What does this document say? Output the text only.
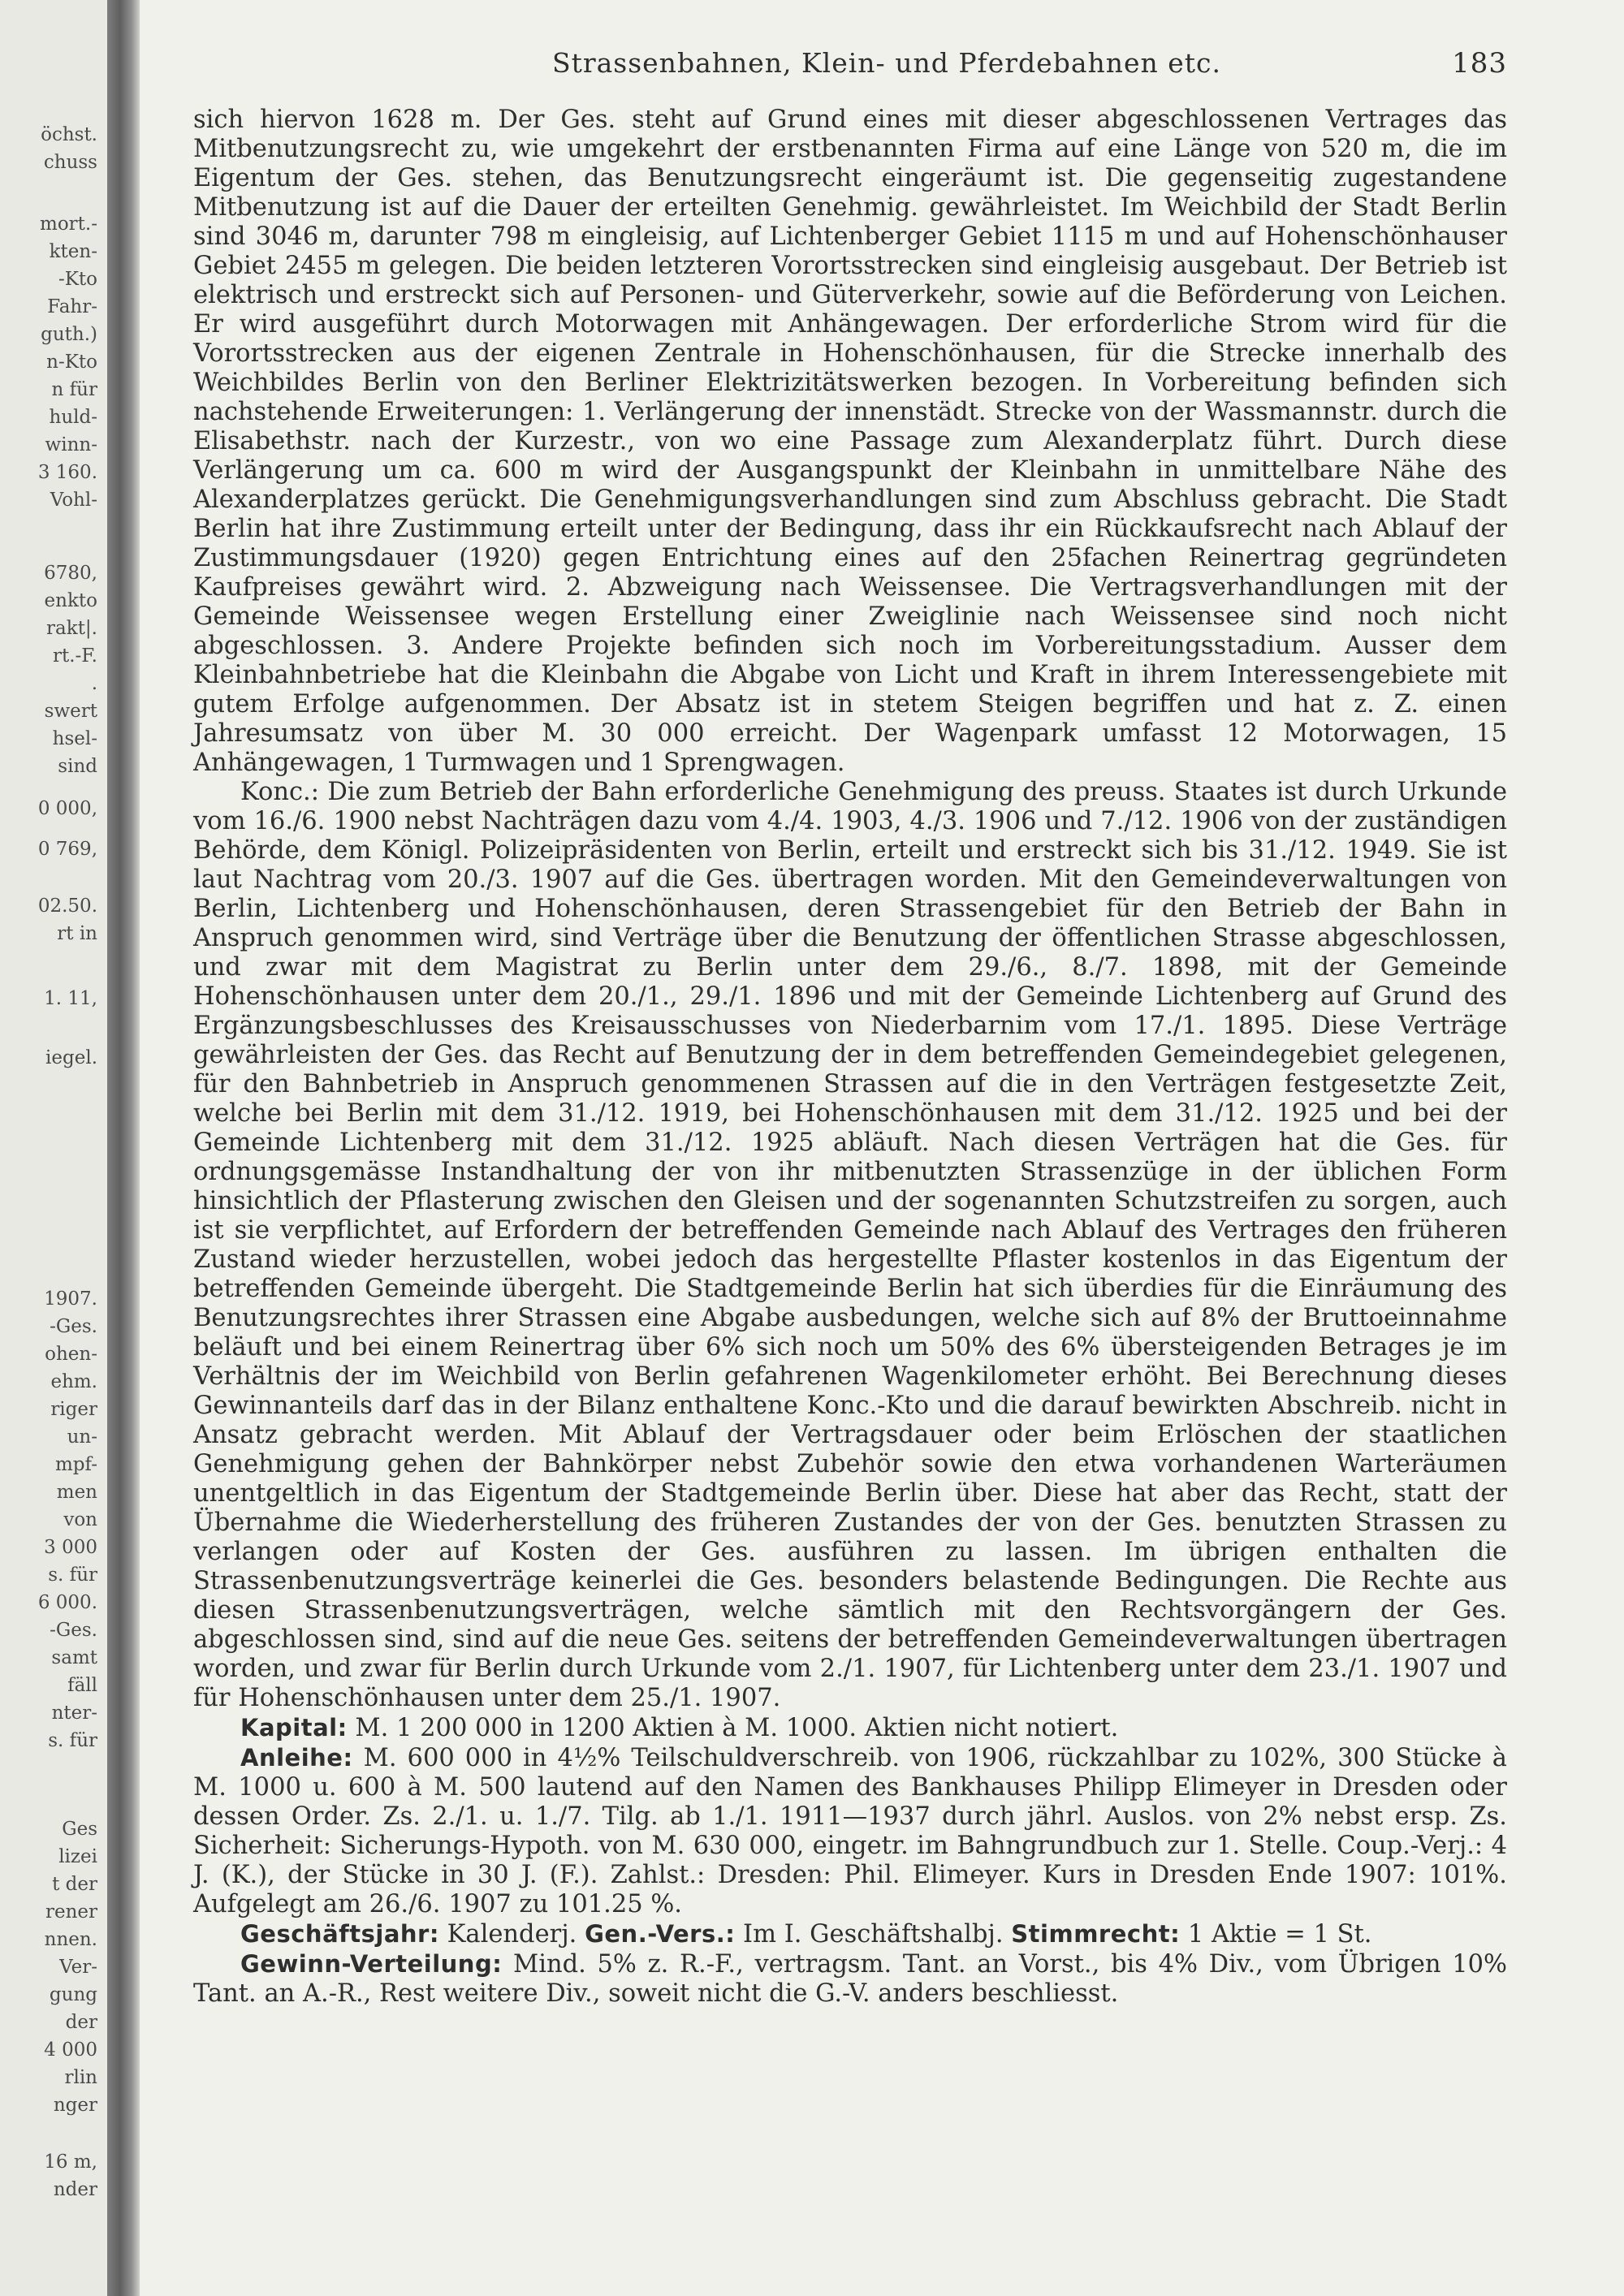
öchst.
chuss
mort.-
kten-
-Kto
Fahr-
guth.)
n-Kto
n für
huld-
winn-
3 160.
Vohl-
6780,
enkto
rakt|.
rt.-F.
.
swert
hsel-
sind
0 000,
0 769,
02.50.
rt in
1. 11,
iegel.
1907.
-Ges.
ohen-
ehm.
riger
un-
mpf-
men
von
3 000
s. für
6 000.
-Ges.
samt
fäll
nter-
s. für
Ges
lizei
t der
rener
nnen.
Ver-
gung
der
4 000
rlin
nger
16 m,
nder
Strassenbahnen, Klein- und Pferdebahnen etc.	183

sich hiervon 1628 m. Der Ges. steht auf Grund eines mit dieser abgeschlossenen Vertrages das Mitbenutzungsrecht zu, wie umgekehrt der erstbenannten Firma auf eine Länge von 520 m, die im Eigentum der Ges. stehen, das Benutzungsrecht eingeräumt ist. Die gegenseitig zugestandene Mitbenutzung ist auf die Dauer der erteilten Genehmig. gewährleistet. Im Weichbild der Stadt Berlin sind 3046 m, darunter 798 m eingleisig, auf Lichtenberger Gebiet 1115 m und auf Hohenschönhauser Gebiet 2455 m gelegen. Die beiden letzteren Vorortsstrecken sind eingleisig ausgebaut. Der Betrieb ist elektrisch und erstreckt sich auf Personen- und Güterverkehr, sowie auf die Beförderung von Leichen. Er wird ausgeführt durch Motorwagen mit Anhängewagen. Der erforderliche Strom wird für die Vorortsstrecken aus der eigenen Zentrale in Hohenschönhausen, für die Strecke innerhalb des Weichbildes Berlin von den Berliner Elektrizitätswerken bezogen. In Vorbereitung befinden sich nachstehende Erweiterungen: 1. Verlängerung der innenstädt. Strecke von der Wassmannstr. durch die Elisabethstr. nach der Kurzestr., von wo eine Passage zum Alexanderplatz führt. Durch diese Verlängerung um ca. 600 m wird der Ausgangspunkt der Kleinbahn in unmittelbare Nähe des Alexanderplatzes gerückt. Die Genehmigungsverhandlungen sind zum Abschluss gebracht. Die Stadt Berlin hat ihre Zustimmung erteilt unter der Bedingung, dass ihr ein Rückkaufsrecht nach Ablauf der Zustimmungsdauer (1920) gegen Entrichtung eines auf den 25fachen Reinertrag gegründeten Kaufpreises gewährt wird. 2. Abzweigung nach Weissensee. Die Vertragsverhandlungen mit der Gemeinde Weissensee wegen Erstellung einer Zweiglinie nach Weissensee sind noch nicht abgeschlossen. 3. Andere Projekte befinden sich noch im Vorbereitungsstadium. Ausser dem Kleinbahnbetriebe hat die Kleinbahn die Abgabe von Licht und Kraft in ihrem Interessengebiete mit gutem Erfolge aufgenommen. Der Absatz ist in stetem Steigen begriffen und hat z. Z. einen Jahresumsatz von über M. 30 000 erreicht. Der Wagenpark umfasst 12 Motorwagen, 15 Anhängewagen, 1 Turmwagen und 1 Sprengwagen.

Konc.: Die zum Betrieb der Bahn erforderliche Genehmigung des preuss. Staates ist durch Urkunde vom 16./6. 1900 nebst Nachträgen dazu vom 4./4. 1903, 4./3. 1906 und 7./12. 1906 von der zuständigen Behörde, dem Königl. Polizeipräsidenten von Berlin, erteilt und erstreckt sich bis 31./12. 1949. Sie ist laut Nachtrag vom 20./3. 1907 auf die Ges. übertragen worden. Mit den Gemeindeverwaltungen von Berlin, Lichtenberg und Hohenschönhausen, deren Strassengebiet für den Betrieb der Bahn in Anspruch genommen wird, sind Verträge über die Benutzung der öffentlichen Strasse abgeschlossen, und zwar mit dem Magistrat zu Berlin unter dem 29./6., 8./7. 1898, mit der Gemeinde Hohenschönhausen unter dem 20./1., 29./1. 1896 und mit der Gemeinde Lichtenberg auf Grund des Ergänzungsbeschlusses des Kreisausschusses von Niederbarnim vom 17./1. 1895. Diese Verträge gewährleisten der Ges. das Recht auf Benutzung der in dem betreffenden Gemeindegebiet gelegenen, für den Bahnbetrieb in Anspruch genommenen Strassen auf die in den Verträgen festgesetzte Zeit, welche bei Berlin mit dem 31./12. 1919, bei Hohenschönhausen mit dem 31./12. 1925 und bei der Gemeinde Lichtenberg mit dem 31./12. 1925 abläuft. Nach diesen Verträgen hat die Ges. für ordnungsgemässe Instandhaltung der von ihr mitbenutzten Strassenzüge in der üblichen Form hinsichtlich der Pflasterung zwischen den Gleisen und der sogenannten Schutzstreifen zu sorgen, auch ist sie verpflichtet, auf Erfordern der betreffenden Gemeinde nach Ablauf des Vertrages den früheren Zustand wieder herzustellen, wobei jedoch das hergestellte Pflaster kostenlos in das Eigentum der betreffenden Gemeinde übergeht. Die Stadtgemeinde Berlin hat sich überdies für die Einräumung des Benutzungsrechtes ihrer Strassen eine Abgabe ausbedungen, welche sich auf 8% der Bruttoeinnahme beläuft und bei einem Reinertrag über 6% sich noch um 50% des 6% übersteigenden Betrages je im Verhältnis der im Weichbild von Berlin gefahrenen Wagenkilometer erhöht. Bei Berechnung dieses Gewinnanteils darf das in der Bilanz enthaltene Konc.-Kto und die darauf bewirkten Abschreib. nicht in Ansatz gebracht werden. Mit Ablauf der Vertragsdauer oder beim Erlöschen der staatlichen Genehmigung gehen der Bahnkörper nebst Zubehör sowie den etwa vorhandenen Warteräumen unentgeltlich in das Eigentum der Stadtgemeinde Berlin über. Diese hat aber das Recht, statt der Übernahme die Wiederherstellung des früheren Zustandes der von der Ges. benutzten Strassen zu verlangen oder auf Kosten der Ges. ausführen zu lassen. Im übrigen enthalten die Strassenbenutzungsverträge keinerlei die Ges. besonders belastende Bedingungen. Die Rechte aus diesen Strassenbenutzungsverträgen, welche sämtlich mit den Rechtsvorgängern der Ges. abgeschlossen sind, sind auf die neue Ges. seitens der betreffenden Gemeindeverwaltungen übertragen worden, und zwar für Berlin durch Urkunde vom 2./1. 1907, für Lichtenberg unter dem 23./1. 1907 und für Hohenschönhausen unter dem 25./1. 1907.

Kapital: M. 1 200 000 in 1200 Aktien à M. 1000. Aktien nicht notiert.

Anleihe: M. 600 000 in 4½% Teilschuldverschreib. von 1906, rückzahlbar zu 102%, 300 Stücke à M. 1000 u. 600 à M. 500 lautend auf den Namen des Bankhauses Philipp Elimeyer in Dresden oder dessen Order. Zs. 2./1. u. 1./7. Tilg. ab 1./1. 1911—1937 durch jährl. Auslos. von 2% nebst ersp. Zs. Sicherheit: Sicherungs-Hypoth. von M. 630 000, eingetr. im Bahngrundbuch zur 1. Stelle. Coup.-Verj.: 4 J. (K.), der Stücke in 30 J. (F.). Zahlst.: Dresden: Phil. Elimeyer. Kurs in Dresden Ende 1907: 101%. Aufgelegt am 26./6. 1907 zu 101.25 %.

Geschäftsjahr: Kalenderj. Gen.-Vers.: Im I. Geschäftshalbj. Stimmrecht: 1 Aktie = 1 St.

Gewinn-Verteilung: Mind. 5% z. R.-F., vertragsm. Tant. an Vorst., bis 4% Div., vom Übrigen 10% Tant. an A.-R., Rest weitere Div., soweit nicht die G.-V. anders beschliesst.
